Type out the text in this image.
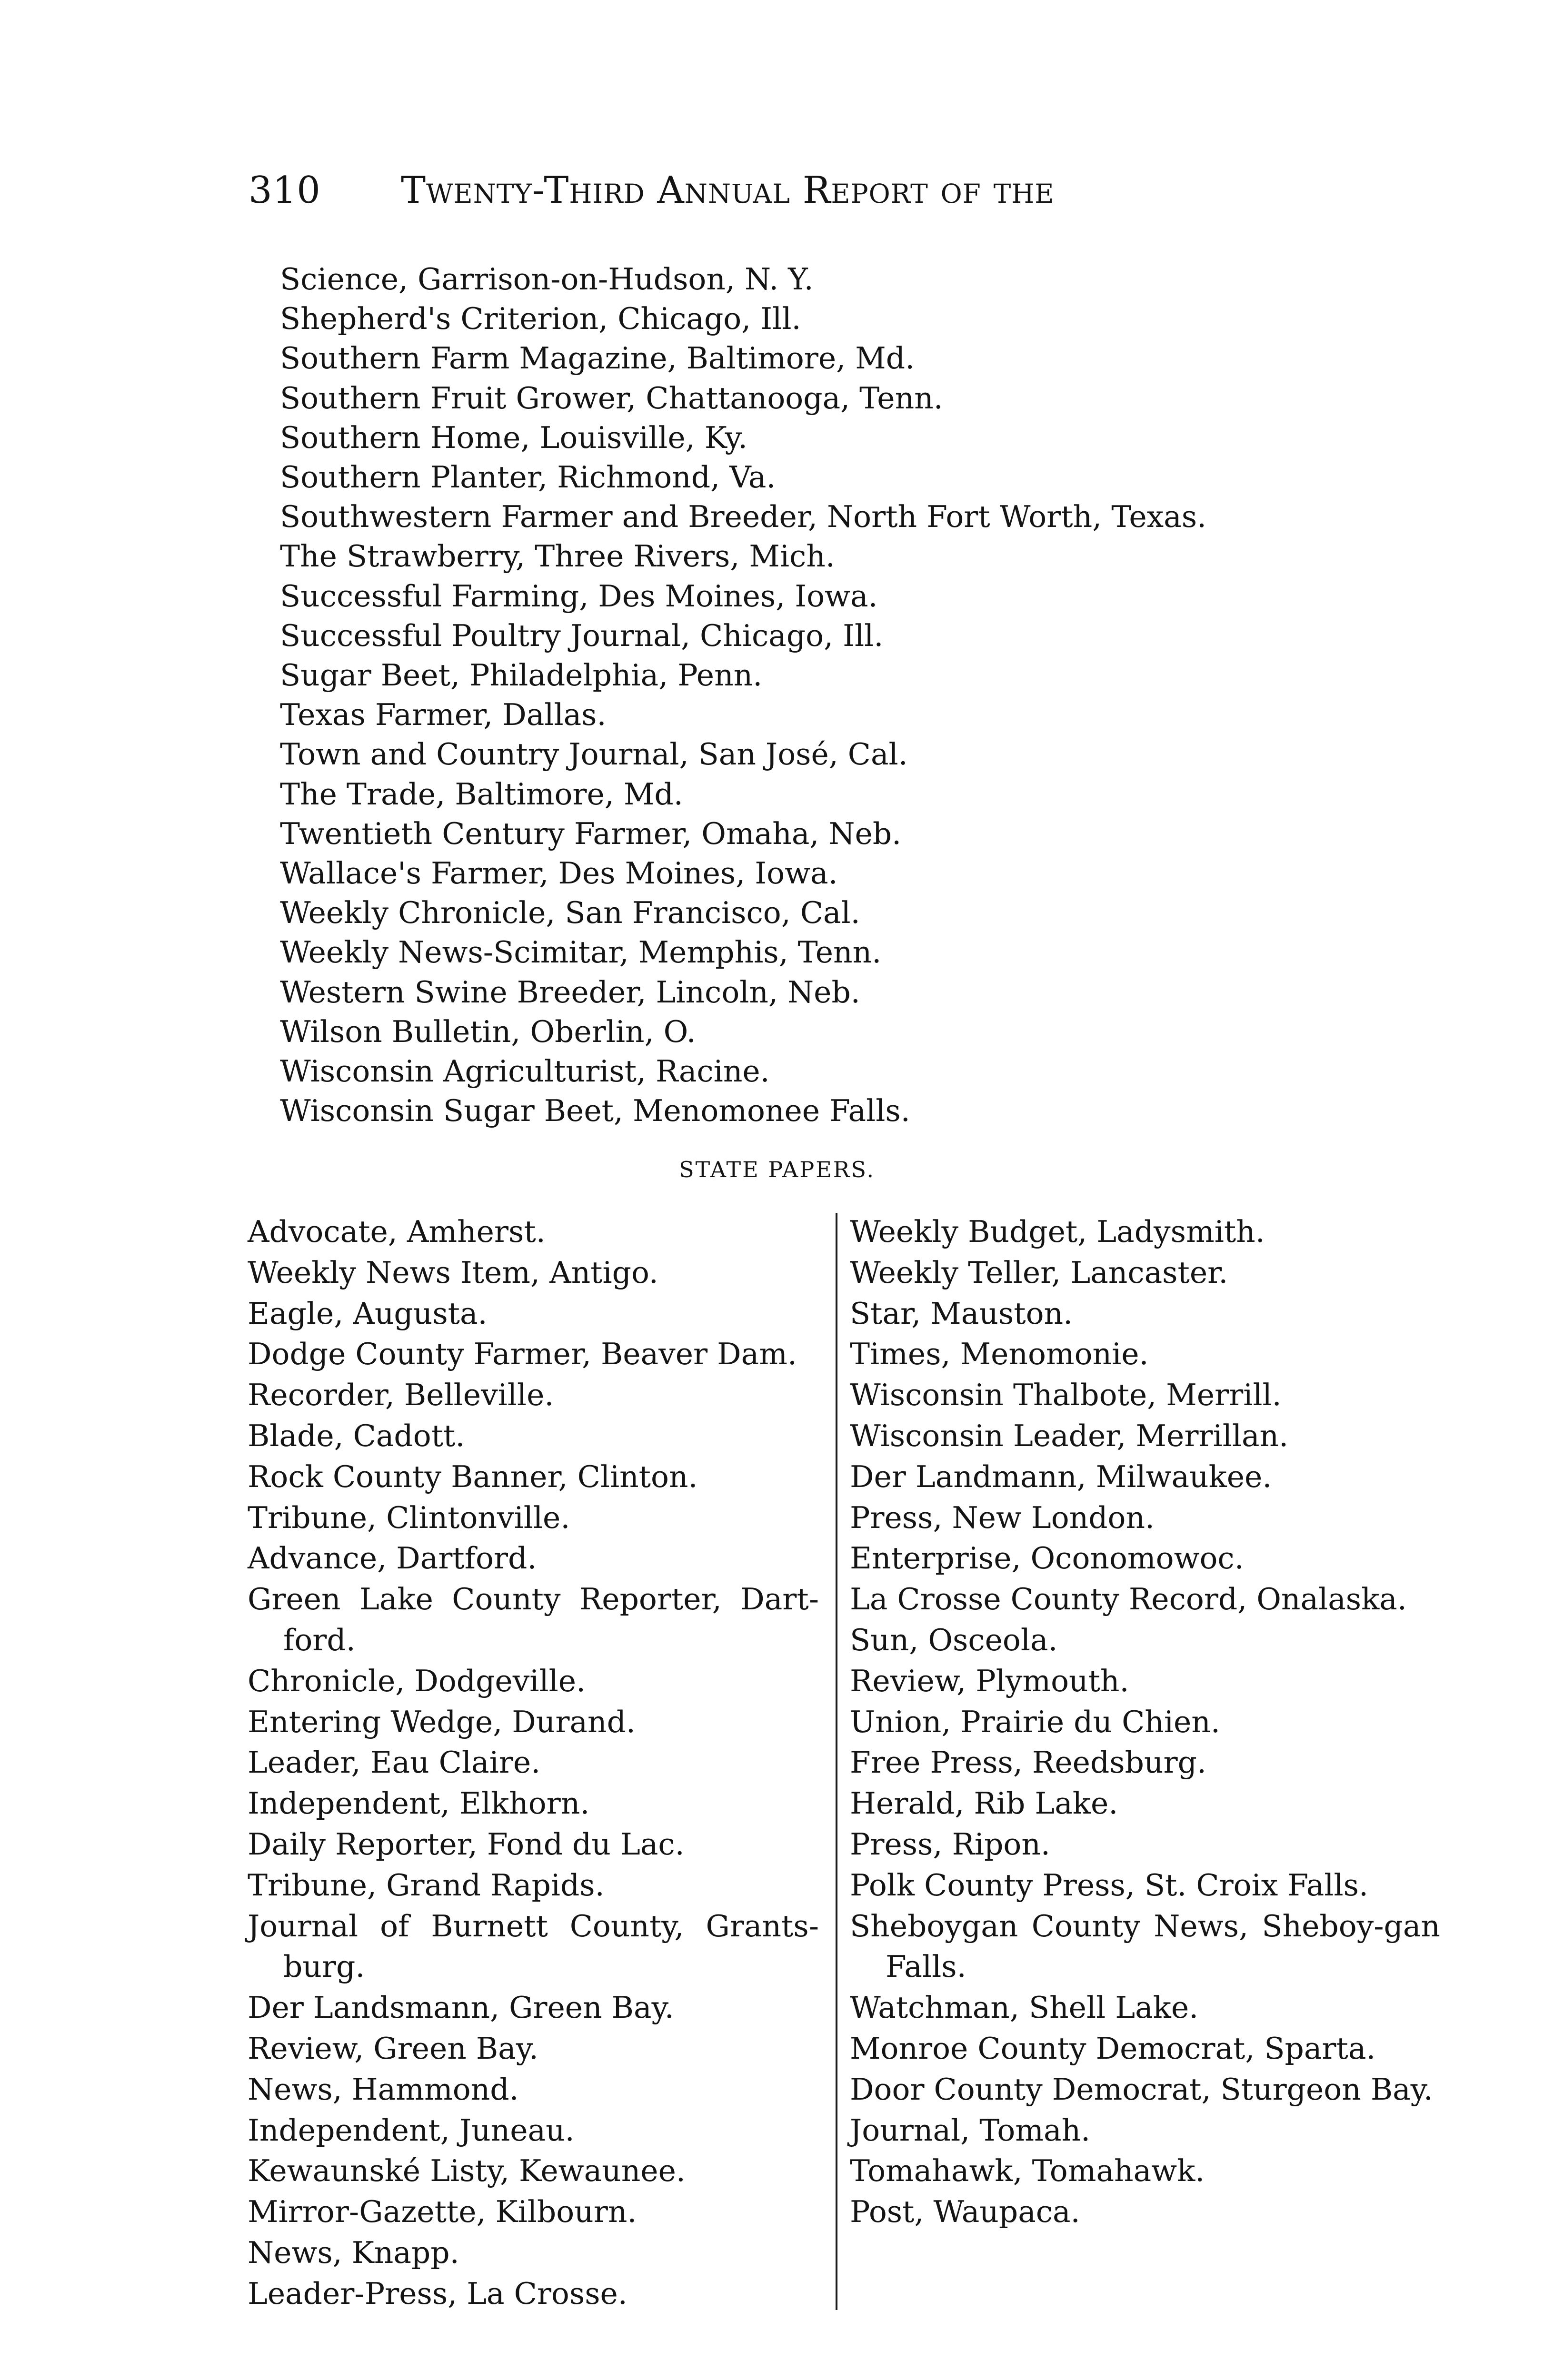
310 Twenty-Third Annual Report of the
Science, Garrison-on-Hudson, N. Y.
Shepherd's Criterion, Chicago, Ill.
Southern Farm Magazine, Baltimore, Md.
Southern Fruit Grower, Chattanooga, Tenn.
Southern Home, Louisville, Ky.
Southern Planter, Richmond, Va.
Southwestern Farmer and Breeder, North Fort Worth, Texas.
The Strawberry, Three Rivers, Mich.
Successful Farming, Des Moines, Iowa.
Successful Poultry Journal, Chicago, Ill.
Sugar Beet, Philadelphia, Penn.
Texas Farmer, Dallas.
Town and Country Journal, San José, Cal.
The Trade, Baltimore, Md.
Twentieth Century Farmer, Omaha, Neb.
Wallace's Farmer, Des Moines, Iowa.
Weekly Chronicle, San Francisco, Cal.
Weekly News-Scimitar, Memphis, Tenn.
Western Swine Breeder, Lincoln, Neb.
Wilson Bulletin, Oberlin, O.
Wisconsin Agriculturist, Racine.
Wisconsin Sugar Beet, Menomonee Falls.
STATE PAPERS.
Advocate, Amherst.
Weekly News Item, Antigo.
Eagle, Augusta.
Dodge County Farmer, Beaver Dam.
Recorder, Belleville.
Blade, Cadott.
Rock County Banner, Clinton.
Tribune, Clintonville.
Advance, Dartford.
Green Lake County Reporter, Dart-ford.
Chronicle, Dodgeville.
Entering Wedge, Durand.
Leader, Eau Claire.
Independent, Elkhorn.
Daily Reporter, Fond du Lac.
Tribune, Grand Rapids.
Journal of Burnett County, Grants-burg.
Der Landsmann, Green Bay.
Review, Green Bay.
News, Hammond.
Independent, Juneau.
Kewaunské Listy, Kewaunee.
Mirror-Gazette, Kilbourn.
News, Knapp.
Leader-Press, La Crosse.
Weekly Budget, Ladysmith.
Weekly Teller, Lancaster.
Star, Mauston.
Times, Menomonie.
Wisconsin Thalbote, Merrill.
Wisconsin Leader, Merrillan.
Der Landmann, Milwaukee.
Press, New London.
Enterprise, Oconomowoc.
La Crosse County Record, Onalaska.
Sun, Osceola.
Review, Plymouth.
Union, Prairie du Chien.
Free Press, Reedsburg.
Herald, Rib Lake.
Press, Ripon.
Polk County Press, St. Croix Falls.
Sheboygan County News, Sheboy-gan Falls.
Watchman, Shell Lake.
Monroe County Democrat, Sparta.
Door County Democrat, Sturgeon Bay.
Journal, Tomah.
Tomahawk, Tomahawk.
Post, Waupaca.
